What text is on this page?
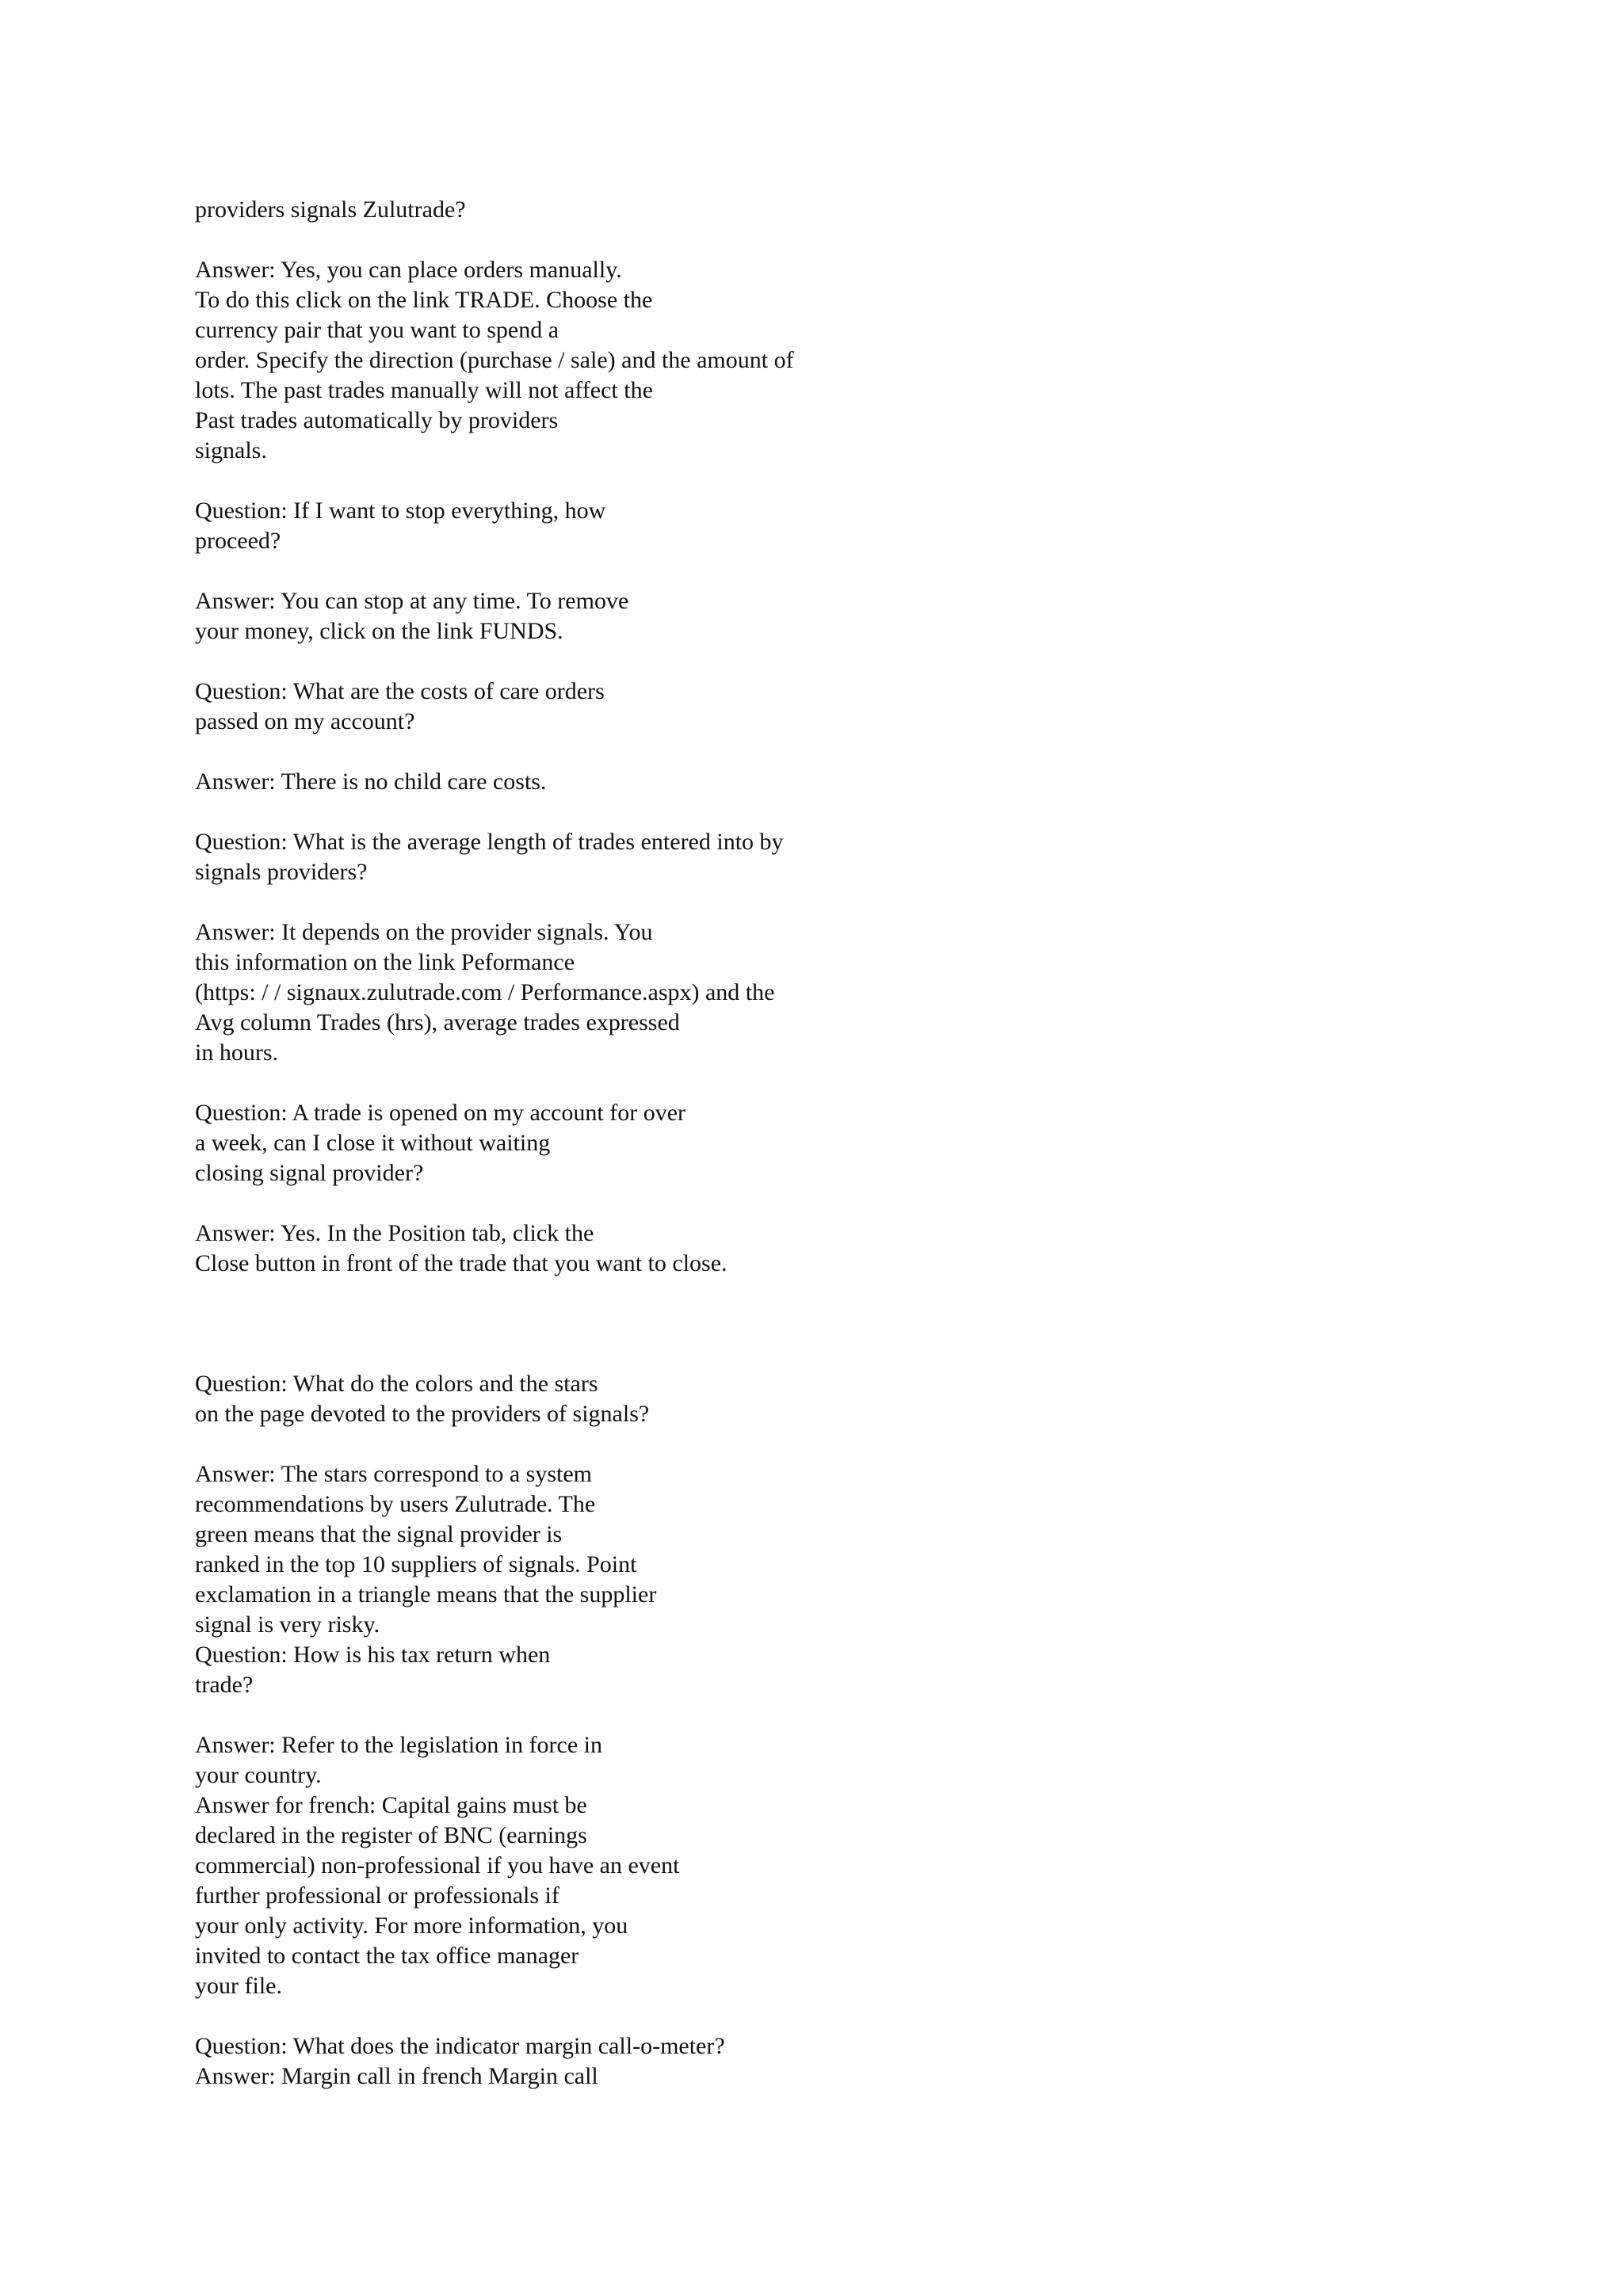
providers signals Zulutrade?
Answer: Yes, you can place orders manually.
To do this click on the link TRADE. Choose the
currency pair that you want to spend a
order. Specify the direction (purchase / sale) and the amount of
lots. The past trades manually will not affect the
Past trades automatically by providers
signals.
Question: If I want to stop everything, how
proceed?
Answer: You can stop at any time. To remove
your money, click on the link FUNDS.
Question: What are the costs of care orders
passed on my account?
Answer: There is no child care costs.
Question: What is the average length of trades entered into by
signals providers?
Answer: It depends on the provider signals. You
this information on the link Peformance
(https: / / signaux.zulutrade.com / Performance.aspx) and the
Avg column Trades (hrs), average trades expressed
in hours.
Question: A trade is opened on my account for over
a week, can I close it without waiting
closing signal provider?
Answer: Yes. In the Position tab, click the
Close button in front of the trade that you want to close.
Question: What do the colors and the stars
on the page devoted to the providers of signals?
Answer: The stars correspond to a system
recommendations by users Zulutrade. The
green means that the signal provider is
ranked in the top 10 suppliers of signals. Point
exclamation in a triangle means that the supplier
signal is very risky.
Question: How is his tax return when
trade?
Answer: Refer to the legislation in force in
your country.
Answer for french: Capital gains must be
declared in the register of BNC (earnings
commercial) non-professional if you have an event
further professional or professionals if
your only activity. For more information, you
invited to contact the tax office manager
your file.
Question: What does the indicator margin call-o-meter?
Answer: Margin call in french Margin call
